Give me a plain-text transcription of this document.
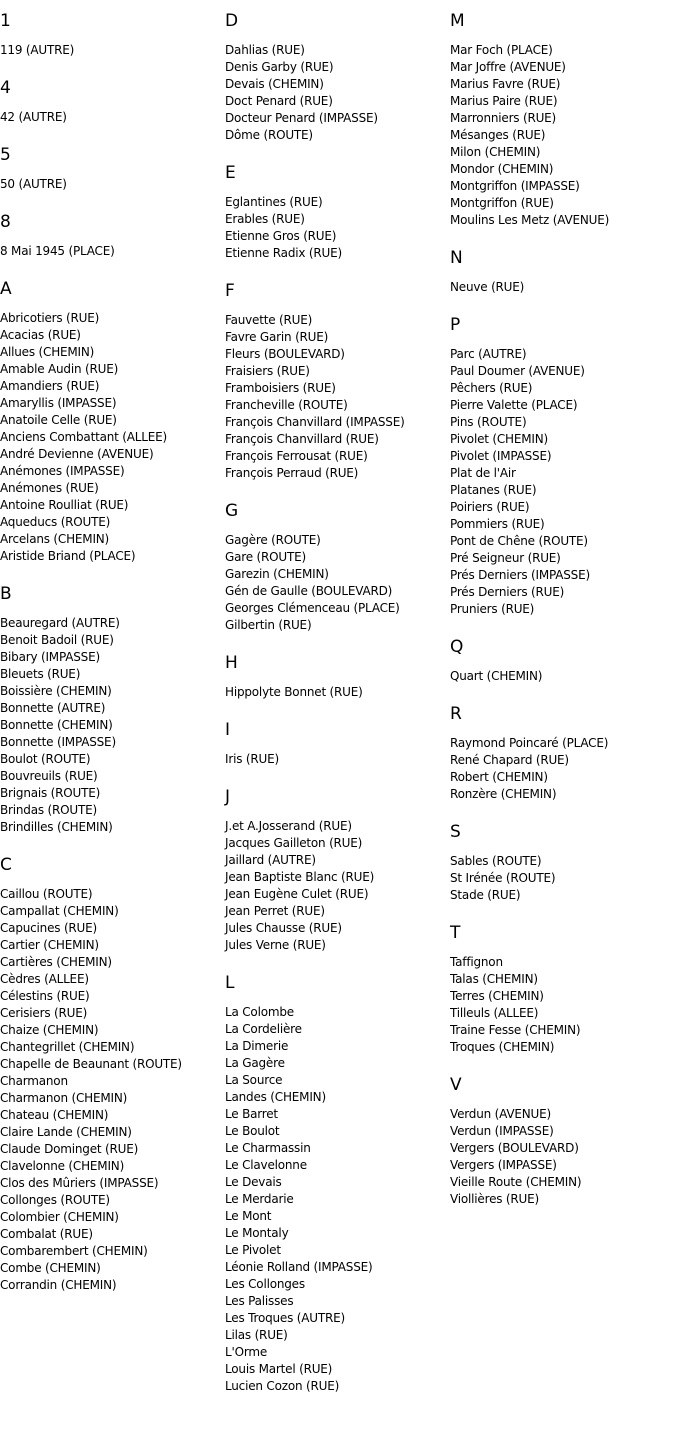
1
119 (AUTRE)
4
42 (AUTRE)
5
50 (AUTRE)
8
8 Mai 1945 (PLACE)
A
Abricotiers (RUE)
Acacias (RUE)
Allues (CHEMIN)
Amable Audin (RUE)
Amandiers (RUE)
Amaryllis (IMPASSE)
Anatoile Celle (RUE)
Anciens Combattant (ALLEE)
André Devienne (AVENUE)
Anémones (IMPASSE)
Anémones (RUE)
Antoine Roulliat (RUE)
Aqueducs (ROUTE)
Arcelans (CHEMIN)
Aristide Briand (PLACE)
B
Beauregard (AUTRE)
Benoit Badoil (RUE)
Bibary (IMPASSE)
Bleuets (RUE)
Boissière (CHEMIN)
Bonnette (AUTRE)
Bonnette (CHEMIN)
Bonnette (IMPASSE)
Boulot (ROUTE)
Bouvreuils (RUE)
Brignais (ROUTE)
Brindas (ROUTE)
Brindilles (CHEMIN)
C
Caillou (ROUTE)
Campallat (CHEMIN)
Capucines (RUE)
Cartier (CHEMIN)
Cartières (CHEMIN)
Cèdres (ALLEE)
Célestins (RUE)
Cerisiers (RUE)
Chaize (CHEMIN)
Chantegrillet (CHEMIN)
Chapelle de Beaunant (ROUTE)
Charmanon
Charmanon (CHEMIN)
Chateau (CHEMIN)
Claire Lande (CHEMIN)
Claude Dominget (RUE)
Clavelonne (CHEMIN)
Clos des Mûriers (IMPASSE)
Collonges (ROUTE)
Colombier (CHEMIN)
Combalat (RUE)
Combarembert (CHEMIN)
Combe (CHEMIN)
Corrandin (CHEMIN)
D
Dahlias (RUE)
Denis Garby (RUE)
Devais (CHEMIN)
Doct Penard (RUE)
Docteur Penard (IMPASSE)
Dôme (ROUTE)
E
Eglantines (RUE)
Erables (RUE)
Etienne Gros (RUE)
Etienne Radix (RUE)
F
Fauvette (RUE)
Favre Garin (RUE)
Fleurs (BOULEVARD)
Fraisiers (RUE)
Framboisiers (RUE)
Francheville (ROUTE)
François Chanvillard (IMPASSE)
François Chanvillard (RUE)
François Ferrousat (RUE)
François Perraud (RUE)
G
Gagère (ROUTE)
Gare (ROUTE)
Garezin (CHEMIN)
Gén de Gaulle (BOULEVARD)
Georges Clémenceau (PLACE)
Gilbertin (RUE)
H
Hippolyte Bonnet (RUE)
I
Iris (RUE)
J
J.et A.Josserand (RUE)
Jacques Gailleton (RUE)
Jaillard (AUTRE)
Jean Baptiste Blanc (RUE)
Jean Eugène Culet (RUE)
Jean Perret (RUE)
Jules Chausse (RUE)
Jules Verne (RUE)
L
La Colombe
La Cordelière
La Dimerie
La Gagère
La Source
Landes (CHEMIN)
Le Barret
Le Boulot
Le Charmassin
Le Clavelonne
Le Devais
Le Merdarie
Le Mont
Le Montaly
Le Pivolet
Léonie Rolland (IMPASSE)
Les Collonges
Les Palisses
Les Troques (AUTRE)
Lilas (RUE)
L'Orme
Louis Martel (RUE)
Lucien Cozon (RUE)
M
Mar Foch (PLACE)
Mar Joffre (AVENUE)
Marius Favre (RUE)
Marius Paire (RUE)
Marronniers (RUE)
Mésanges (RUE)
Milon (CHEMIN)
Mondor (CHEMIN)
Montgriffon (IMPASSE)
Montgriffon (RUE)
Moulins Les Metz (AVENUE)
N
Neuve (RUE)
P
Parc (AUTRE)
Paul Doumer (AVENUE)
Pêchers (RUE)
Pierre Valette (PLACE)
Pins (ROUTE)
Pivolet (CHEMIN)
Pivolet (IMPASSE)
Plat de l'Air
Platanes (RUE)
Poiriers (RUE)
Pommiers (RUE)
Pont de Chêne (ROUTE)
Pré Seigneur (RUE)
Prés Derniers (IMPASSE)
Prés Derniers (RUE)
Pruniers (RUE)
Q
Quart (CHEMIN)
R
Raymond Poincaré (PLACE)
René Chapard (RUE)
Robert (CHEMIN)
Ronzère (CHEMIN)
S
Sables (ROUTE)
St Irénée (ROUTE)
Stade (RUE)
T
Taffignon
Talas (CHEMIN)
Terres (CHEMIN)
Tilleuls (ALLEE)
Traine Fesse (CHEMIN)
Troques (CHEMIN)
V
Verdun (AVENUE)
Verdun (IMPASSE)
Vergers (BOULEVARD)
Vergers (IMPASSE)
Vieille Route (CHEMIN)
Viollières (RUE)
